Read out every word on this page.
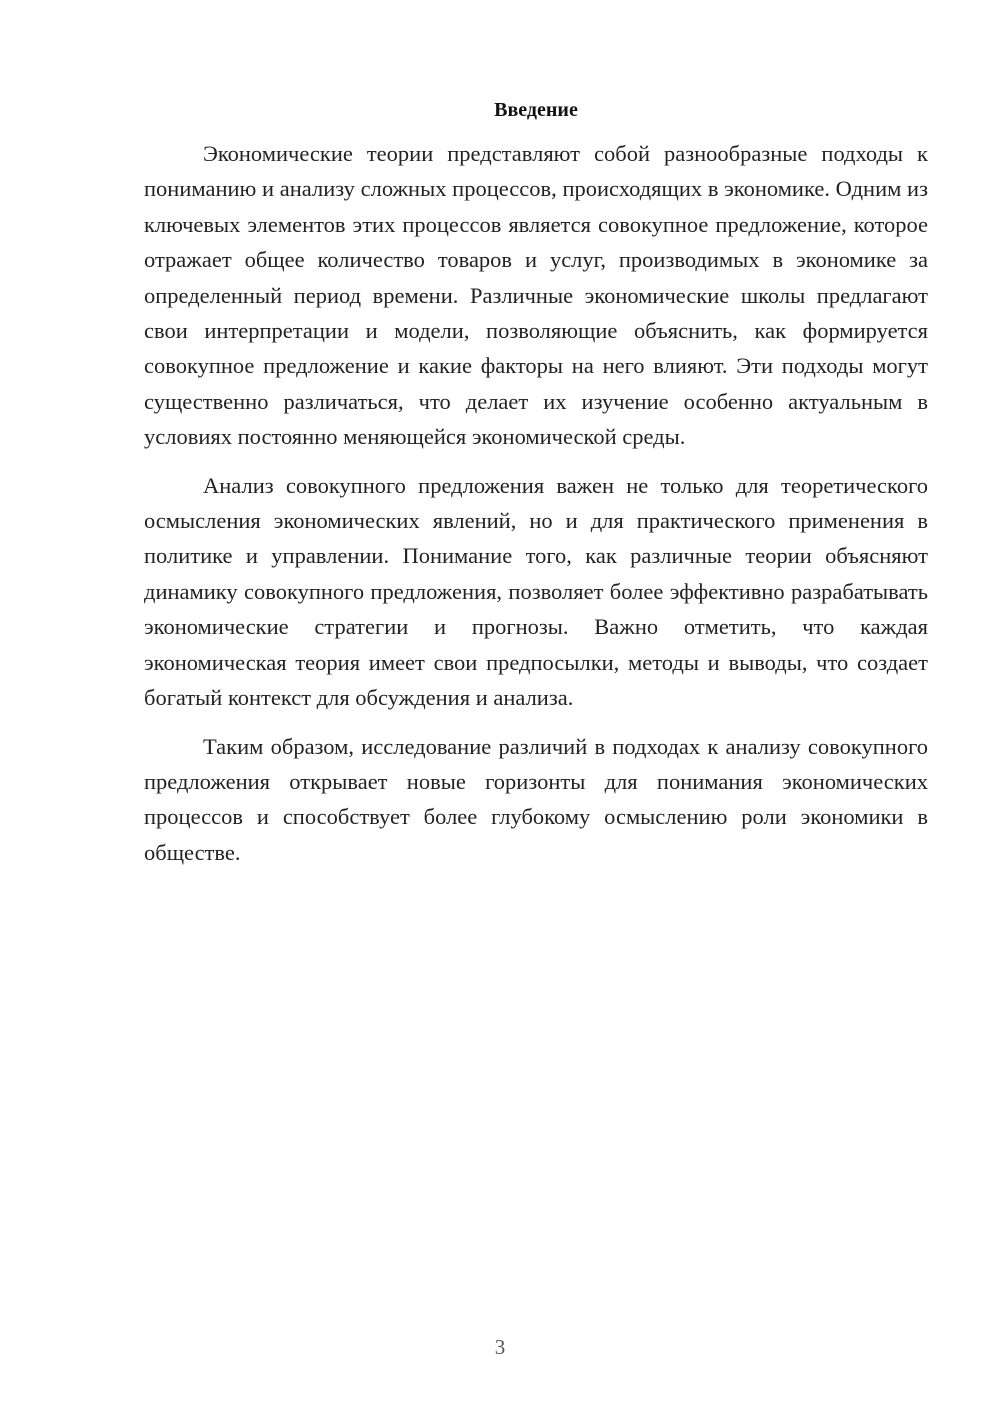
Введение

Экономические теории представляют собой разнообразные подходы к пониманию и анализу сложных процессов, происходящих в экономике. Одним из ключевых элементов этих процессов является совокупное предложение, которое отражает общее количество товаров и услуг, производимых в экономике за определенный период времени. Различные экономические школы предлагают свои интерпретации и модели, позволяющие объяснить, как формируется совокупное предложение и какие факторы на него влияют. Эти подходы могут существенно различаться, что делает их изучение особенно актуальным в условиях постоянно меняющейся экономической среды.

Анализ совокупного предложения важен не только для теоретического осмысления экономических явлений, но и для практического применения в политике и управлении. Понимание того, как различные теории объясняют динамику совокупного предложения, позволяет более эффективно разрабатывать экономические стратегии и прогнозы. Важно отметить, что каждая экономическая теория имеет свои предпосылки, методы и выводы, что создает богатый контекст для обсуждения и анализа.

Таким образом, исследование различий в подходах к анализу совокупного предложения открывает новые горизонты для понимания экономических процессов и способствует более глубокому осмыслению роли экономики в обществе.

3
